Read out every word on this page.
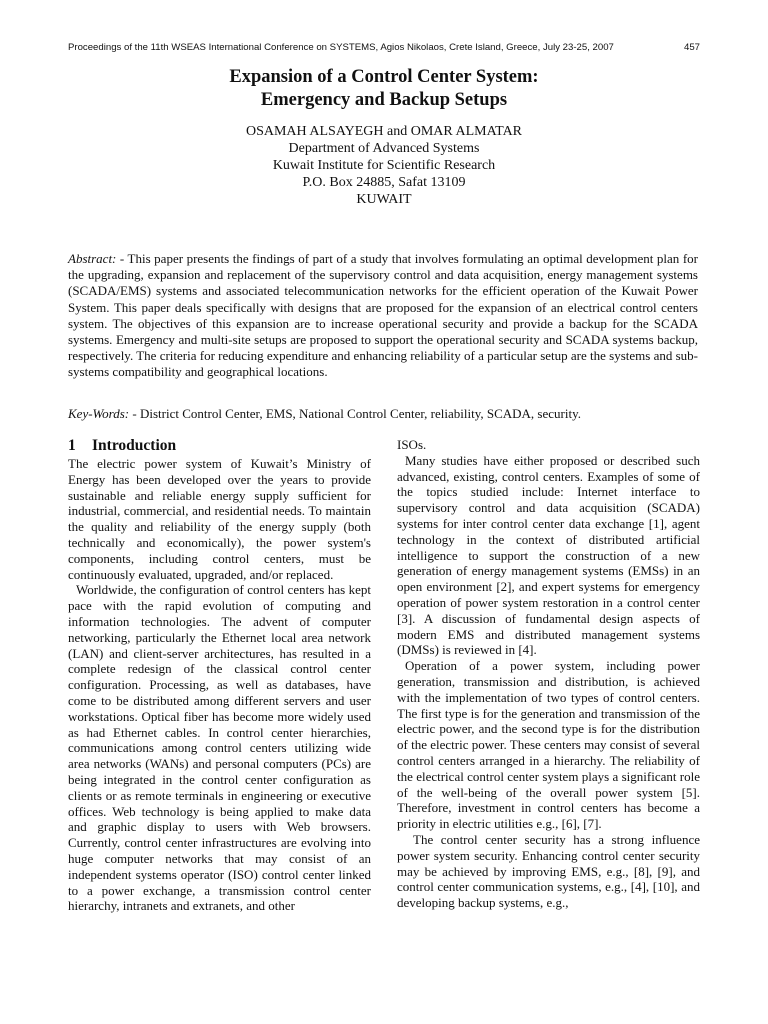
Proceedings of the 11th WSEAS International Conference on SYSTEMS, Agios Nikolaos, Crete Island, Greece, July 23-25, 2007	457
Expansion of a Control Center System:
Emergency and Backup Setups
OSAMAH ALSAYEGH and OMAR ALMATAR
Department of Advanced Systems
Kuwait Institute for Scientific Research
P.O. Box 24885, Safat 13109
KUWAIT
Abstract: - This paper presents the findings of part of a study that involves formulating an optimal development plan for the upgrading, expansion and replacement of the supervisory control and data acquisition, energy management systems (SCADA/EMS) systems and associated telecommunication networks for the efficient operation of the Kuwait Power System. This paper deals specifically with designs that are proposed for the expansion of an electrical control centers system. The objectives of this expansion are to increase operational security and provide a backup for the SCADA systems. Emergency and multi-site setups are proposed to support the operational security and SCADA systems backup, respectively. The criteria for reducing expenditure and enhancing reliability of a particular setup are the systems and sub-systems compatibility and geographical locations.
Key-Words: - District Control Center, EMS, National Control Center, reliability, SCADA, security.
1 Introduction

The electric power system of Kuwait’s Ministry of Energy has been developed over the years to provide sustainable and reliable energy supply sufficient for industrial, commercial, and residential needs. To maintain the quality and reliability of the energy supply (both technically and economically), the power system's components, including control centers, must be continuously evaluated, upgraded, and/or replaced.

Worldwide, the configuration of control centers has kept pace with the rapid evolution of computing and information technologies. The advent of computer networking, particularly the Ethernet local area network (LAN) and client-server architectures, has resulted in a complete redesign of the classical control center configuration. Processing, as well as databases, have come to be distributed among different servers and user workstations. Optical fiber has become more widely used as had Ethernet cables. In control center hierarchies, communications among control centers utilizing wide area networks (WANs) and personal computers (PCs) are being integrated in the control center configuration as clients or as remote terminals in engineering or executive offices. Web technology is being applied to make data and graphic display to users with Web browsers. Currently, control center infrastructures are evolving into huge computer networks that may consist of an independent systems operator (ISO) control center linked to a power exchange, a transmission control center hierarchy, intranets and extranets, and other

ISOs.

Many studies have either proposed or described such advanced, existing, control centers. Examples of some of the topics studied include: Internet interface to supervisory control and data acquisition (SCADA) systems for inter control center data exchange [1], agent technology in the context of distributed artificial intelligence to support the construction of a new generation of energy management systems (EMSs) in an open environment [2], and expert systems for emergency operation of power system restoration in a control center [3]. A discussion of fundamental design aspects of modern EMS and distributed management systems (DMSs) is reviewed in [4].

Operation of a power system, including power generation, transmission and distribution, is achieved with the implementation of two types of control centers. The first type is for the generation and transmission of the electric power, and the second type is for the distribution of the electric power. These centers may consist of several control centers arranged in a hierarchy. The reliability of the electrical control center system plays a significant role of the well-being of the overall power system [5]. Therefore, investment in control centers has become a priority in electric utilities e.g., [6], [7].

The control center security has a strong influence power system security. Enhancing control center security may be achieved by improving EMS, e.g., [8], [9], and control center communication systems, e.g., [4], [10], and developing backup systems, e.g.,
